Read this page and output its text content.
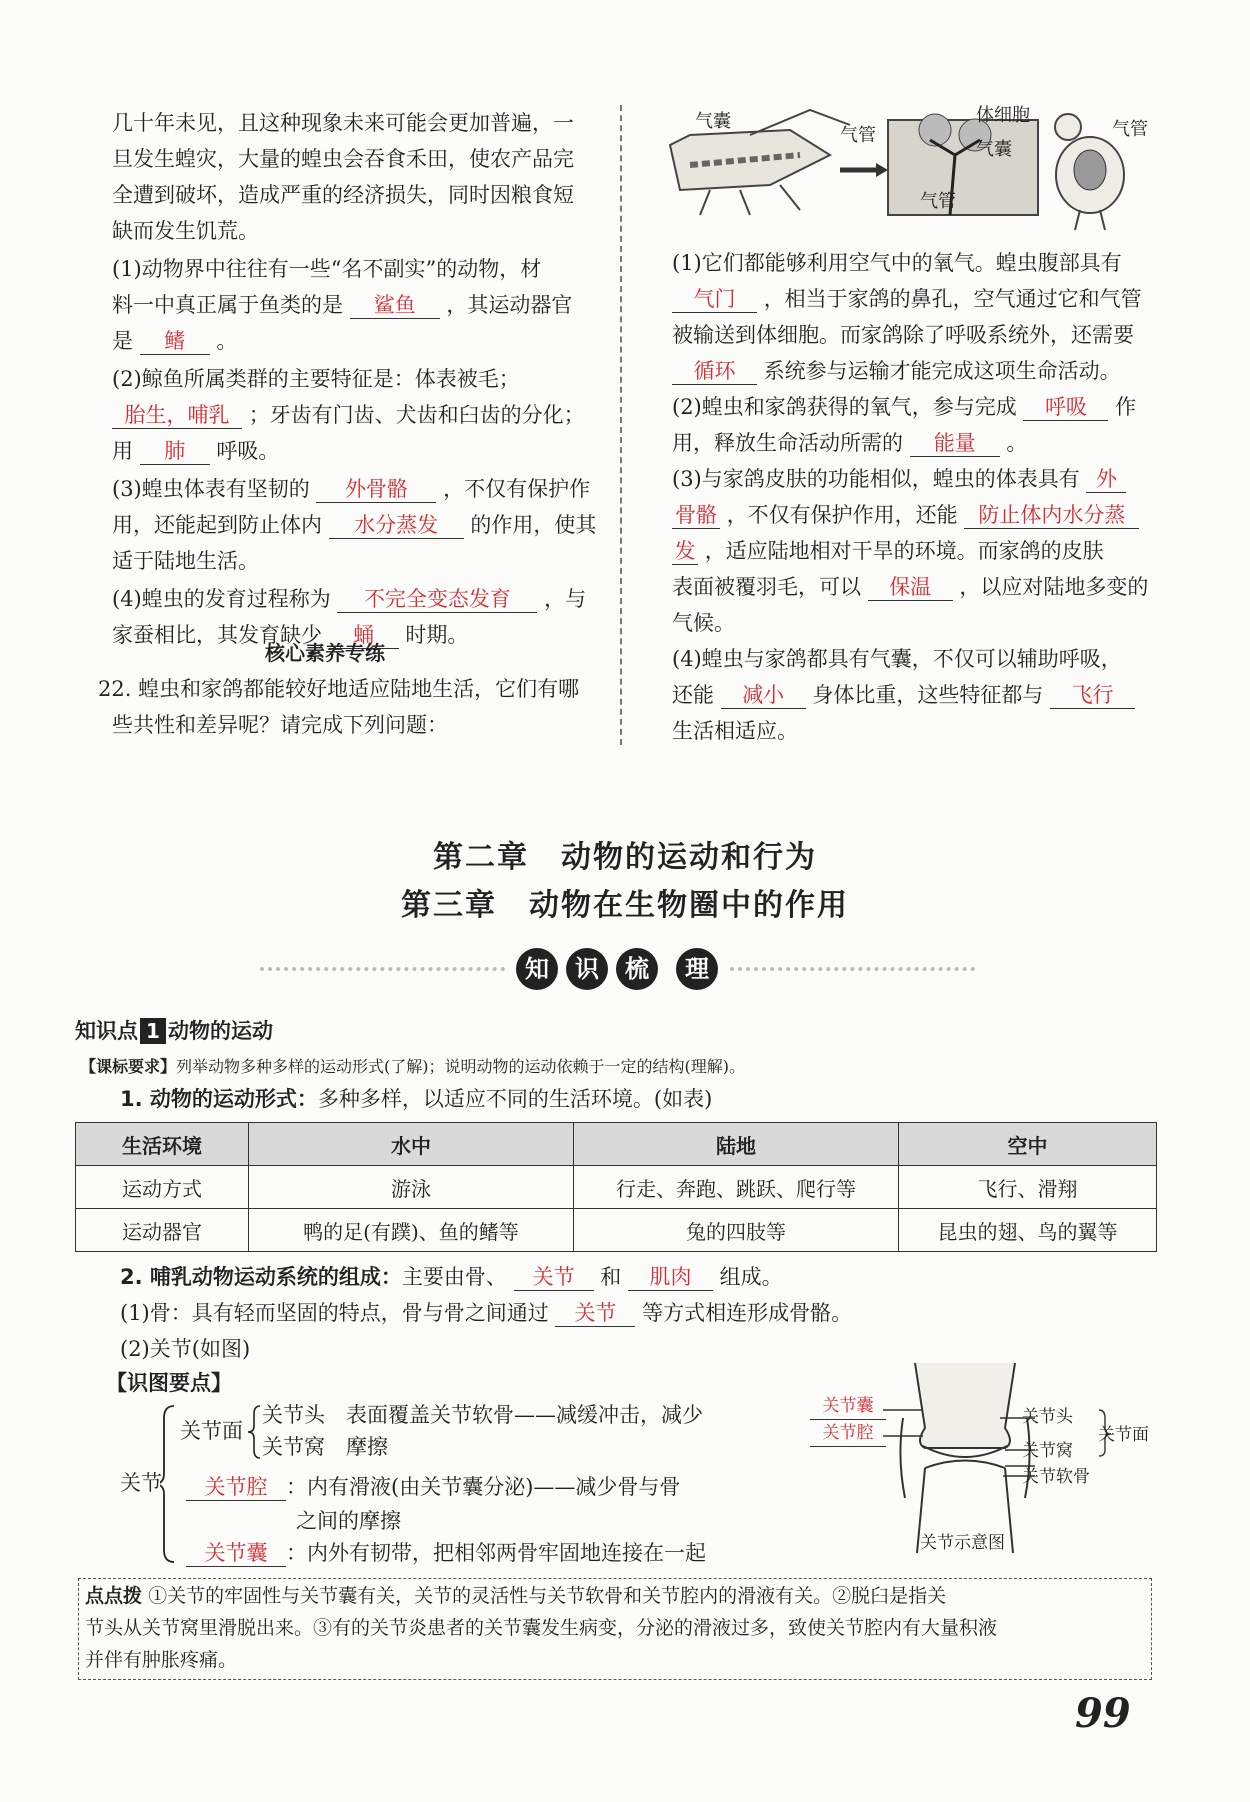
几十年未见，且这种现象未来可能会更加普遍，一
旦发生蝗灾，大量的蝗虫会吞食禾田，使农产品完
全遭到破坏，造成严重的经济损失，同时因粮食短
缺而发生饥荒。
(1)动物界中往往有一些“名不副实”的动物，材
料一中真正属于鱼类的是 鲨鱼 ，其运动器官
是 鳍 。
(2)鲸鱼所属类群的主要特征是：体表被毛；
胎生，哺乳 ；牙齿有门齿、犬齿和臼齿的分化；
用 肺 呼吸。
(3)蝗虫体表有坚韧的 外骨骼 ，不仅有保护作
用，还能起到防止体内 水分蒸发 的作用，使其
适于陆地生活。
(4)蝗虫的发育过程称为 不完全变态发育 ，与
家蚕相比，其发育缺少 蛹 时期。
核心素养专练
22. 蝗虫和家鸽都能较好地适应陆地生活，它们有哪
些共性和差异呢？请完成下列问题：
气囊
气管
体细胞
气囊
气管
气管
(1)它们都能够利用空气中的氧气。蝗虫腹部具有
气门 ，相当于家鸽的鼻孔，空气通过它和气管
被输送到体细胞。而家鸽除了呼吸系统外，还需要
循环 系统参与运输才能完成这项生命活动。
(2)蝗虫和家鸽获得的氧气，参与完成 呼吸 作
用，释放生命活动所需的 能量 。
(3)与家鸽皮肤的功能相似，蝗虫的体表具有 外
骨骼 ，不仅有保护作用，还能 防止体内水分蒸
发 ，适应陆地相对干旱的环境。而家鸽的皮肤
表面被覆羽毛，可以 保温 ，以应对陆地多变的
气候。
(4)蝗虫与家鸽都具有气囊，不仅可以辅助呼吸，
还能 减小 身体比重，这些特征都与 飞行
生活相适应。
第二章　动物的运动和行为
第三章　动物在生物圈中的作用
知	识	梳	理
知识点 1 动物的运动
【课标要求】列举动物多种多样的运动形式(了解)；说明动物的运动依赖于一定的结构(理解)。
1. 动物的运动形式：多种多样，以适应不同的生活环境。(如表)
生活环境	水中	陆地	空中
运动方式	游泳	行走、奔跑、跳跃、爬行等	飞行、滑翔
运动器官	鸭的足(有蹼)、鱼的鳍等	兔的四肢等	昆虫的翅、鸟的翼等
2. 哺乳动物运动系统的组成：主要由骨、 关节 和 肌肉 组成。
(1)骨：具有轻而坚固的特点，骨与骨之间通过 关节 等方式相连形成骨骼。
(2)关节(如图)
【识图要点】
关节
关节面
关节头
关节窝
表面覆盖关节软骨——减缓冲击，减少
摩擦
关节腔 ：内有滑液(由关节囊分泌)——减少骨与骨
之间的摩擦
关节囊 ：内外有韧带，把相邻两骨牢固地连接在一起
关节囊
关节腔
关节头
关节窝
关节软骨
关节面
关节示意图
点点拨 ①关节的牢固性与关节囊有关，关节的灵活性与关节软骨和关节腔内的滑液有关。②脱臼是指关
节头从关节窝里滑脱出来。③有的关节炎患者的关节囊发生病变，分泌的滑液过多，致使关节腔内有大量积液
并伴有肿胀疼痛。
99
